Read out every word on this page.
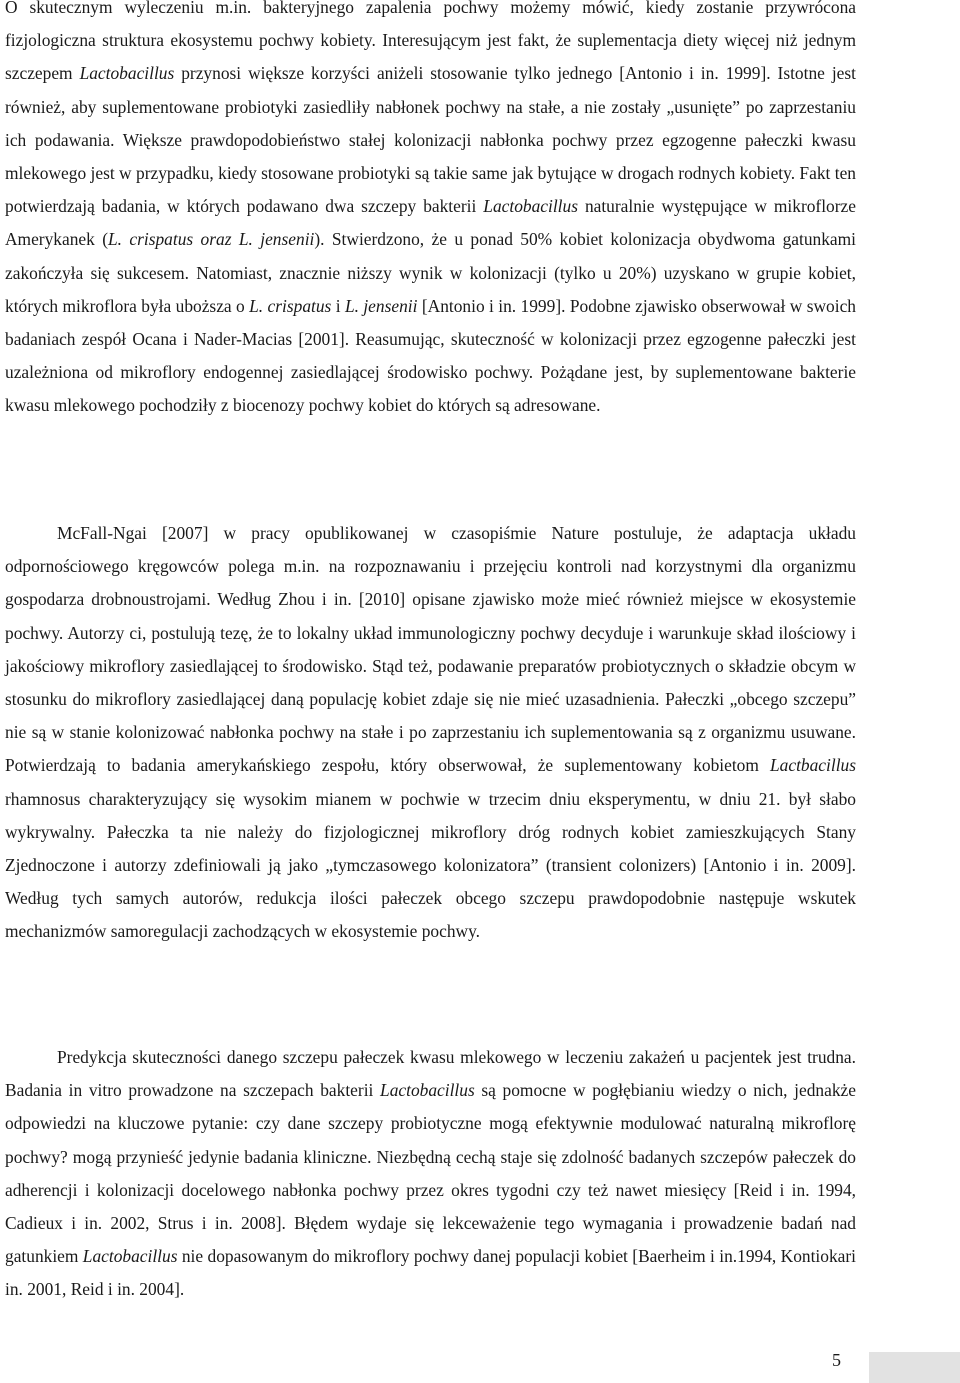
O skutecznym wyleczeniu m.in. bakteryjnego zapalenia pochwy możemy mówić, kiedy zostanie przywrócona fizjologiczna struktura ekosystemu pochwy kobiety. Interesującym jest fakt, że suplementacja diety więcej niż jednym szczepem Lactobacillus przynosi większe korzyści aniżeli stosowanie tylko jednego [Antonio i in. 1999]. Istotne jest również, aby suplementowane probiotyki zasiedliły nabłonek pochwy na stałe, a nie zostały „usunięte” po zaprzestaniu ich podawania. Większe prawdopodobieństwo stałej kolonizacji nabłonka pochwy przez egzogenne pałeczki kwasu mlekowego jest w przypadku, kiedy stosowane probiotyki są takie same jak bytujące w drogach rodnych kobiety. Fakt ten potwierdzają badania, w których podawano dwa szczepy bakterii Lactobacillus naturalnie występujące w mikroflorze Amerykanek (L. crispatus oraz L. jensenii). Stwierdzono, że u ponad 50% kobiet kolonizacja obydwoma gatunkami zakończyła się sukcesem. Natomiast, znacznie niższy wynik w kolonizacji (tylko u 20%) uzyskano w grupie kobiet, których mikroflora była uboższa o L. crispatus i L. jensenii [Antonio i in. 1999]. Podobne zjawisko obserwował w swoich badaniach zespół Ocana i Nader-Macias [2001]. Reasumując, skuteczność w kolonizacji przez egzogenne pałeczki jest uzależniona od mikroflory endogennej zasiedlającej środowisko pochwy. Pożądane jest, by suplementowane bakterie kwasu mlekowego pochodziły z biocenozy pochwy kobiet do których są adresowane.
McFall-Ngai [2007] w pracy opublikowanej w czasopiśmie Nature postuluje, że adaptacja układu odpornościowego kręgowców polega m.in. na rozpoznawaniu i przejęciu kontroli nad korzystnymi dla organizmu gospodarza drobnoustrojami. Według Zhou i in. [2010] opisane zjawisko może mieć również miejsce w ekosystemie pochwy. Autorzy ci, postulują tezę, że to lokalny układ immunologiczny pochwy decyduje i warunkuje skład ilościowy i jakościowy mikroflory zasiedlającej to środowisko. Stąd też, podawanie preparatów probiotycznych o składzie obcym w stosunku do mikroflory zasiedlającej daną populację kobiet zdaje się nie mieć uzasadnienia. Pałeczki „obcego szczepu” nie są w stanie kolonizować nabłonka pochwy na stałe i po zaprzestaniu ich suplementowania są z organizmu usuwane. Potwierdzają to badania amerykańskiego zespołu, który obserwował, że suplementowany kobietom Lactbacillus rhamnosus charakteryzujący się wysokim mianem w pochwie w trzecim dniu eksperymentu, w dniu 21. był słabo wykrywalny. Pałeczka ta nie należy do fizjologicznej mikroflory dróg rodnych kobiet zamieszkujących Stany Zjednoczone i autorzy zdefiniowali ją jako „tymczasowego kolonizatora” (transient colonizers) [Antonio i in. 2009]. Według tych samych autorów, redukcja ilości pałeczek obcego szczepu prawdopodobnie następuje wskutek mechanizmów samoregulacji zachodzących w ekosystemie pochwy.
Predykcja skuteczności danego szczepu pałeczek kwasu mlekowego w leczeniu zakażeń u pacjentek jest trudna. Badania in vitro prowadzone na szczepach bakterii Lactobacillus są pomocne w pogłębianiu wiedzy o nich, jednakże odpowiedzi na kluczowe pytanie: czy dane szczepy probiotyczne mogą efektywnie modulować naturalną mikroflorę pochwy? mogą przynieść jedynie badania kliniczne. Niezbędną cechą staje się zdolność badanych szczepów pałeczek do adherencji i kolonizacji docelowego nabłonka pochwy przez okres tygodni czy też nawet miesięcy [Reid i in. 1994, Cadieux i in. 2002, Strus i in. 2008]. Błędem wydaje się lekceważenie tego wymagania i prowadzenie badań nad gatunkiem Lactobacillus nie dopasowanym do mikroflory pochwy danej populacji kobiet [Baerheim i in.1994, Kontiokari in. 2001, Reid i in. 2004].
5
